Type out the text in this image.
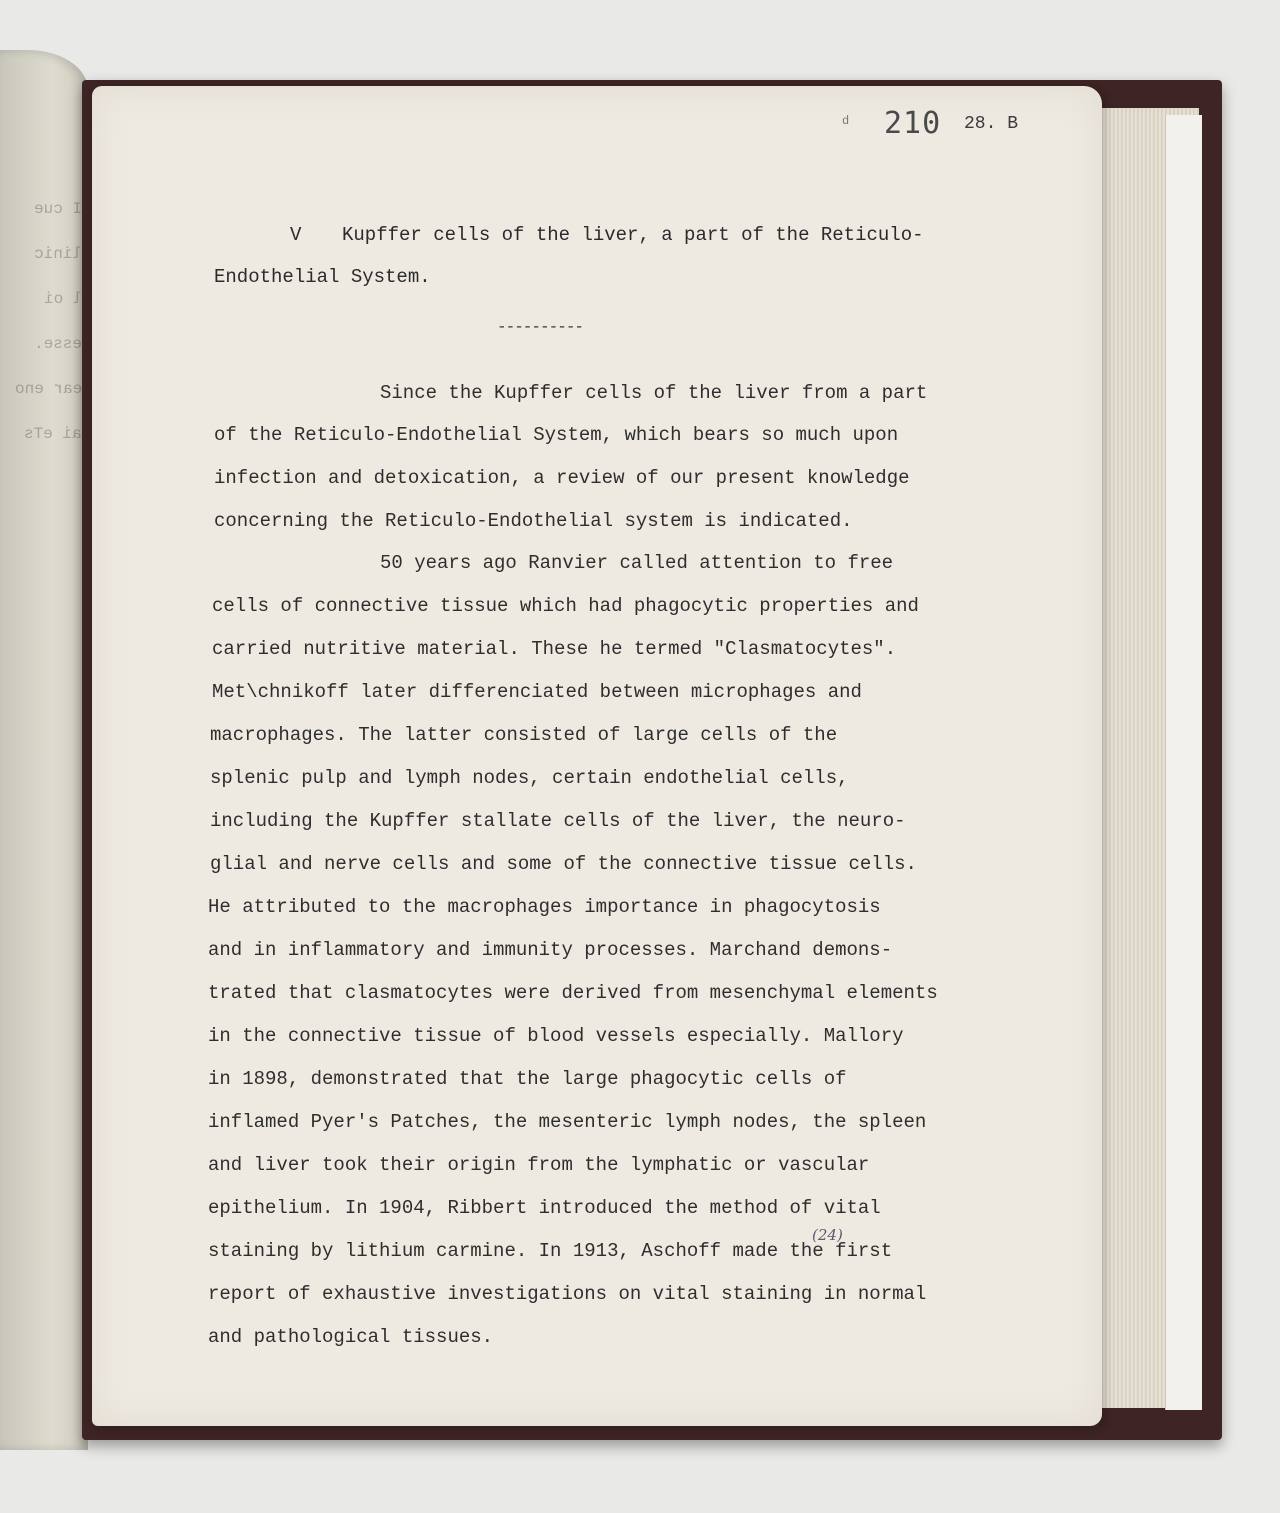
I cue
linic
l oi
esse.
ear eno
ai eTs
d 210 28. B
V Kupffer cells of the liver, a part of the Reticulo-
Endothelial System.
----------
Since the Kupffer cells of the liver from a part
of the Reticulo-Endothelial System, which bears so much upon
infection and detoxication, a review of our present knowledge
concerning the Reticulo-Endothelial system is indicated.
50 years ago Ranvier called attention to free
cells of connective tissue which had phagocytic properties and
carried nutritive material. These he termed "Clasmatocytes".
Met\chnikoff later differenciated between microphages and
macrophages. The latter consisted of large cells of the
splenic pulp and lymph nodes, certain endothelial cells,
including the Kupffer stallate cells of the liver, the neuro-
glial and nerve cells and some of the connective tissue cells.
He attributed to the macrophages importance in phagocytosis
and in inflammatory and immunity processes. Marchand demons-
trated that clasmatocytes were derived from mesenchymal elements
in the connective tissue of blood vessels especially. Mallory
in 1898, demonstrated that the large phagocytic cells of
inflamed Pyer's Patches, the mesenteric lymph nodes, the spleen
and liver took their origin from the lymphatic or vascular
epithelium. In 1904, Ribbert introduced the method of vital
(24)
staining by lithium carmine. In 1913, Aschoff made the first
report of exhaustive investigations on vital staining in normal
and pathological tissues.
